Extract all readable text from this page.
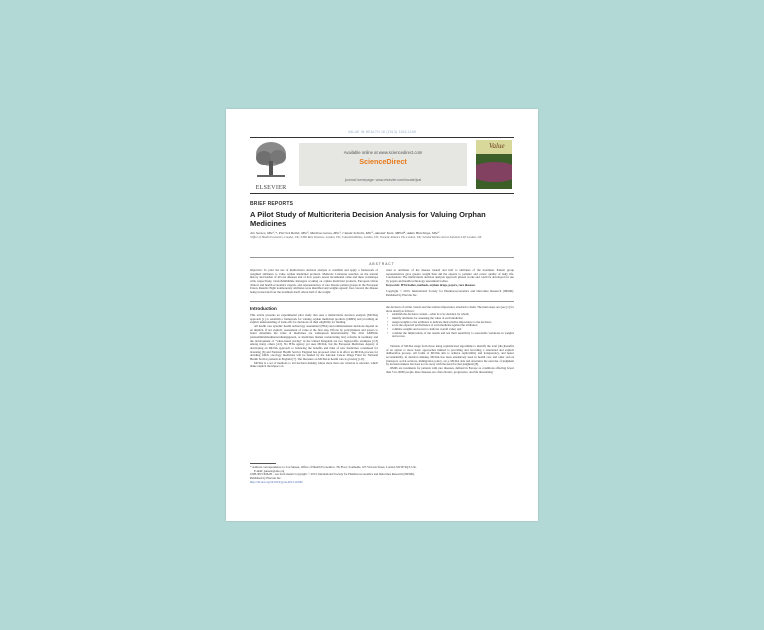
VALUE IN HEALTH 16 (2013) 1163-1169
ELSEVIER
Available online at www.sciencedirect.com
ScienceDirect
journal homepage: www.elsevier.com/locate/jval
Value
BRIEF REPORTS
A Pilot Study of Multicriteria Decision Analysis for Valuing Orphan Medicines
Jon Sussex, MSc¹,*, Pierrick Rollet, MSc², Martina Garau, MSc¹, Claude Schmitt, MSc³, Alastair Kent, MPhil⁴, Adam Hutchings, MSc⁵
¹Office of Health Economics, London, UK; ²CBD Rare Diseases, London, UK; ³GlaxoSmithKline, London, UK; ⁴Genetic Alliance UK, London, UK; ⁵Global Market Access Solutions LLP, London, UK
ABSTRACT

Objective: To pilot the use of multicriteria decision analysis to establish and apply a framework of weighted attributes to value orphan medicinal products. Methods: Literature searches on the natural history and burden of 40 rare diseases and of how payers assess incremental value and three workshops with, respectively, GlaxoSmithKline managers working on orphan medicinal products, European Union clinical and health economics experts, and representatives of rare disease patient groups in the European Union. Results: Eight nonmonetary attributes were identified and weights agreed: four concern the disease being treated and four the treatment itself. About half of the weight

went to attributes of the disease treated and half to attributes of the treatment. Patient group representatives gave greater weight than did the experts to patients' and carers' quality of daily life. Conclusions: The multicriteria decision analysis approach piloted works and could be developed for use by payers and health technology assessment bodies.

Keywords: HTA bodies, methods, orphan drugs, payers, rare diseases.

Copyright © 2013, International Society for Pharmacoeconomics and Outcomes Research (ISPOR). Published by Elsevier Inc.

Introduction

This article presents an experimental pilot study that uses a multicriteria decision analysis (MCDA) approach [1] to establish a framework for valuing orphan medicinal products (OMPs) and providing an explicit understanding of trade-offs for decisions on their eligibility for funding.

All health care systems' health technology assessment (HTA) and reimbursement decisions depend on an implicit, if not explicit, assessment of value at the first step. Efforts by policymakers and payers to better determine the value of medicines are widespread internationally. The 2011 AMNOG (Arzneimittelmarktneuordnungsgesetz, or medicines market restructuring law) reforms in Germany and the development of "value-based pricing" in the United Kingdom are two high-profile examples [2,3] among many others [4,5]. No HTA agency yet uses MCDA, but the European Medicines Agency is developing an MCDA approach to balancing the benefits and risks of new medicines considered for licensing [6] and National Health Service England has proposed what is in effect an MCDA process for deciding which oncology medicines will be funded by the national Cancer Drugs Fund for National Health Service patients in England [7]. The literature on MCDA in health care is growing [1,8].

MCDA is a set of methods to aid decision making where more than one criterion is relevant, which make explicit the impact on

the decision of all the criteria and the relative importance attached to them. The main steps are (see [1] for more detail) as follows:

• establish the decision context—what is to be decided, by whom;
• identify attributes for assessing the value of each medicine;
• assign weights to the attributes to indicate their relative importance to the decision;
• score the expected performance of each medicine against the attributes;
• combine weights and scores to indicate overall value; and
• consider the implications of the results and test their sensitivity to reasonable variations in weights and scores.

Variants of MCDA range from those using sophisticated algorithms to identify the total (dis-)benefits of an option to more basic approaches limited to providing and recording a structured and explicit deliberative process. All forms of MCDA aim to achieve replicability and transparency, and hence accountability, in decision making. MCDA has been extensively used in health care and other sectors (transport, social services, immigration policy, etc.). MCDA aids and structures the exercise of judgment by decision makers but does not do away with the need for that judgment [8].

OMPs are treatments for patients with rare diseases, defined in Europe as conditions affecting fewer than 5 in 10000 people. Rare diseases are often chronic, progressive, and life threatening;

* Address correspondence to: Jon Sussex, Office of Health Economics, 7th Floor, Southside, 105 Victoria Street, London SW1E 6QT, UK.
E-mail: jsussex@ohe.org
1098-3015/$36.00 – see front matter Copyright © 2013, International Society for Pharmacoeconomics and Outcomes Research (ISPOR).
Published by Elsevier Inc.
http://dx.doi.org/10.1016/j.jval.2013.10.002
